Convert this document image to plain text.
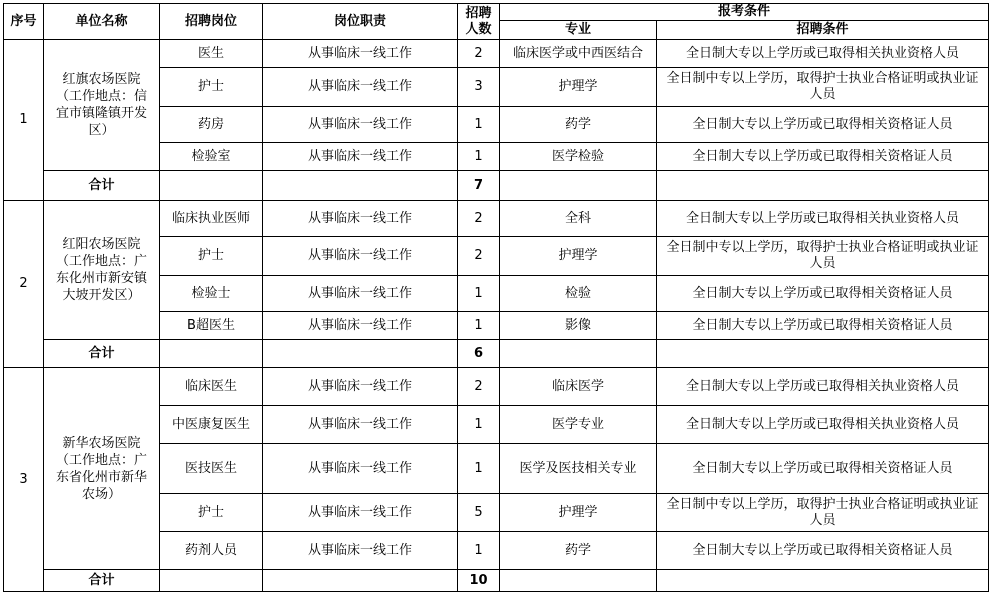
序号	单位名称	招聘岗位	岗位职责	招聘人数	报考条件	
					专业	招聘条件
1	红旗农场医院（工作地点：信宜市镇隆镇开发区）	医生	从事临床一线工作	2	临床医学或中西医结合	全日制大专以上学历或已取得相关执业资格人员
		护士	从事临床一线工作	3	护理学	全日制中专以上学历，取得护士执业合格证明或执业证人员
		药房	从事临床一线工作	1	药学	全日制大专以上学历或已取得相关资格证人员
		检验室	从事临床一线工作	1	医学检验	全日制大专以上学历或已取得相关资格证人员
	合计			7		
2	红阳农场医院（工作地点：广东化州市新安镇大坡开发区）	临床执业医师	从事临床一线工作	2	全科	全日制大专以上学历或已取得相关执业资格人员
		护士	从事临床一线工作	2	护理学	全日制中专以上学历，取得护士执业合格证明或执业证人员
		检验士	从事临床一线工作	1	检验	全日制大专以上学历或已取得相关资格证人员
		B超医生	从事临床一线工作	1	影像	全日制大专以上学历或已取得相关资格证人员
	合计			6		
3	新华农场医院（工作地点：广东省化州市新华农场）	临床医生	从事临床一线工作	2	临床医学	全日制大专以上学历或已取得相关执业资格人员
		中医康复医生	从事临床一线工作	1	医学专业	全日制大专以上学历或已取得相关执业资格人员
		医技医生	从事临床一线工作	1	医学及医技相关专业	全日制大专以上学历或已取得相关资格证人员
		护士	从事临床一线工作	5	护理学	全日制中专以上学历，取得护士执业合格证明或执业证人员
		药剂人员	从事临床一线工作	1	药学	全日制大专以上学历或已取得相关资格证人员
	合计			10		
